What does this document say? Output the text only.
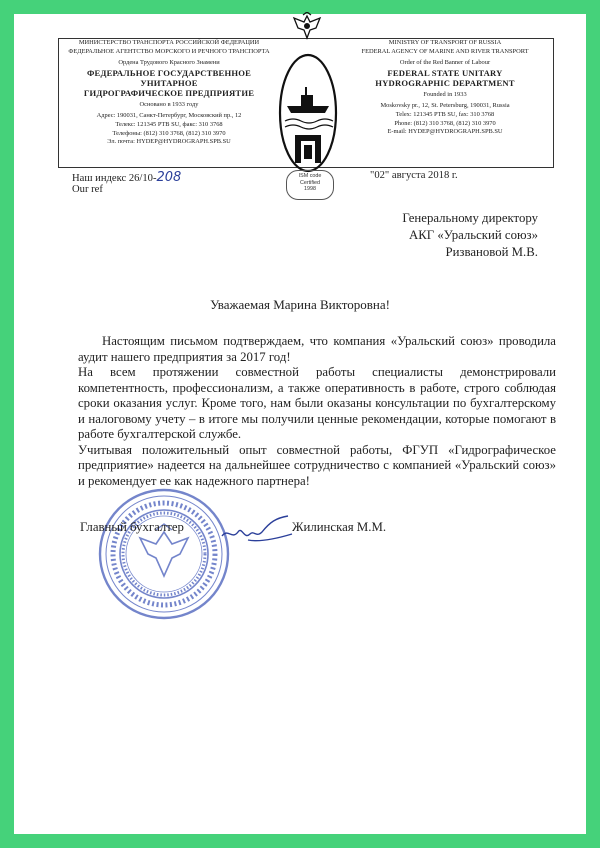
МИНИСТЕРСТВО ТРАНСПОРТА РОССИЙСКОЙ ФЕДЕРАЦИИ
ФЕДЕРАЛЬНОЕ АГЕНТСТВО МОРСКОГО И РЕЧНОГО ТРАНСПОРТА
Ордена Трудового Красного Знамени
ФЕДЕРАЛЬНОЕ ГОСУДАРСТВЕННОЕ УНИТАРНОЕ
ГИДРОГРАФИЧЕСКОЕ ПРЕДПРИЯТИЕ
Основано в 1933 году
Адрес: 190031, Санкт-Петербург, Московский пр., 12
Телекс: 121345 PTB SU, факс: 310 3768
Телефоны: (812) 310 3768, (812) 310 3970
Эл. почта: HYDEP@HYDROGRAPH.SPB.SU
MINISTRY OF TRANSPORT OF RUSSIA
FEDERAL AGENCY OF MARINE AND RIVER TRANSPORT
Order of the Red Banner of Labour
FEDERAL STATE UNITARY
HYDROGRAPHIC DEPARTMENT
Founded in 1933
Moskovsky pr., 12, St. Petersburg, 190031, Russia
Telex: 121345 PTB SU, fax: 310 3768
Phone: (812) 310 3768, (812) 310 3970
E-mail: HYDEP@HYDROGRAPH.SPB.SU
Наш индекс 26/10-208
Our ref
"02" августа 2018 г.
ISM code
Certified
1998
Генеральному директору
АКГ «Уральский союз»
Ризвановой М.В.
Уважаемая Марина Викторовна!

Настоящим письмом подтверждаем, что компания «Уральский союз» проводила аудит нашего предприятия за 2017 год!

На всем протяжении совместной работы специалисты демонстрировали компетентность, профессионализм, а также оперативность в работе, строго соблюдая сроки оказания услуг. Кроме того, нам были оказаны консультации по бухгалтерскому и налоговому учету – в итоге мы получили ценные рекомендации, которые помогают в работе бухгалтерской службе.

Учитывая положительный опыт совместной работы, ФГУП «Гидрографическое предприятие» надеется на дальнейшее сотрудничество с компанией «Уральский союз» и рекомендует ее как надежного партнера!

Главный бухгалтер	Жилинская М.М.
